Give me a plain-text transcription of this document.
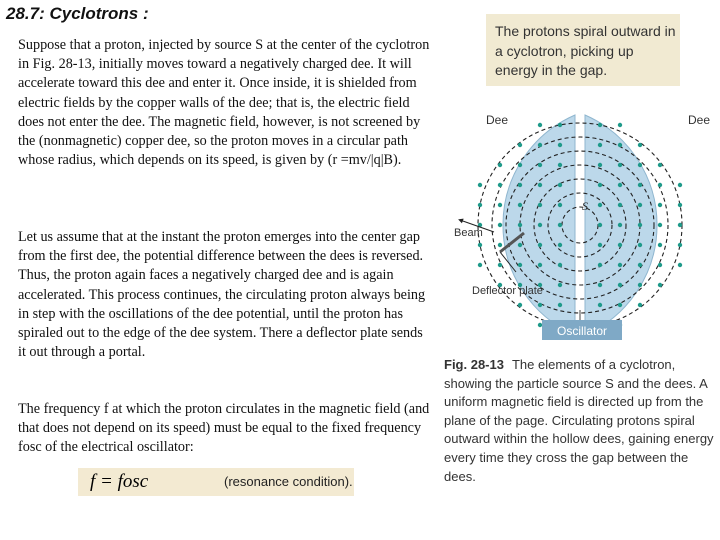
28.7: Cyclotrons :

Suppose that a proton, injected by source S at the center of the cyclotron in Fig. 28-13, initially moves toward a negatively charged dee. It will accelerate toward this dee and enter it. Once inside, it is shielded from electric fields by the copper walls of the dee; that is, the electric field does not enter the dee. The magnetic field, however, is not screened by the (nonmagnetic) copper dee, so the proton moves in a circular path whose radius, which depends on its speed, is given by (r =mv/|q|B).

Let us assume that at the instant the proton emerges into the center gap from the first dee, the potential difference between the dees is reversed. Thus, the proton again faces a negatively charged dee and is again accelerated. This process continues, the circulating proton always being in step with the oscillations of the dee potential, until the proton has spiraled out to the edge of the dee system. There a deflector plate sends it out through a portal.

The frequency f at which the proton circulates in the magnetic field (and that does not depend on its speed) must be equal to the fixed frequency fosc of the electrical oscillator:

f = fosc	(resonance condition).
The protons spiral outward in a cyclotron, picking up energy in the gap.
S
Dee	Dee
Beam
Deflector plate
Oscillator
Fig. 28-13 The elements of a cyclotron, showing the particle source S and the dees. A uniform magnetic field is directed up from the plane of the page. Circulating protons spiral outward within the hollow dees, gaining energy every time they cross the gap between the dees.
